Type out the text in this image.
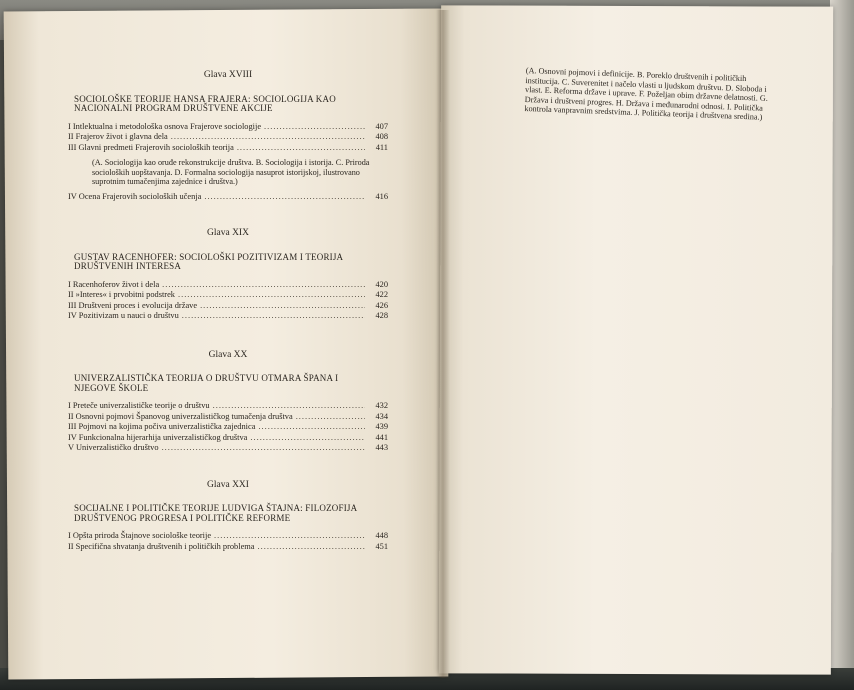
Glava XVIII
SOCIOLOŠKE TEORIJE HANSA FRAJERA: SOCIOLOGIJA KAO NACIONALNI PROGRAM DRUŠTVENE AKCIJE
I Intlektualna i metodološka osnova Frajerove sociologije .....	407
II Frajerov život i glavna dela .....	408
III Glavni predmeti Frajerovih socioloških teorija .....	411
(A. Sociologija kao oruđe rekonstrukcije društva. B. Sociologija i istorija. C. Priroda socioloških uopštavanja. D. Formalna sociologija nasuprot istorijskoj, ilustrovano suprotnim tumačenjima zajednice i društva.)
IV Ocena Frajerovih socioloških učenja .....	416
Glava XIX
GUSTAV RACENHOFER: SOCIOLOŠKI POZITIVIZAM I TEORIJA DRUŠTVENIH INTERESA
I Racenhoferov život i dela .....	420
II »Interes« i prvobitni podstrek .....	422
III Društveni proces i evolucija države .....	426
IV Pozitivizam u nauci o društvu .....	428
Glava XX
UNIVERZALISTIČKA TEORIJA O DRUŠTVU OTMARA ŠPANA I NJEGOVE ŠKOLE
I Preteče univerzalističke teorije o društvu .....	432
II Osnovni pojmovi Španovog univerzalističkog tumačenja društva .....	434
III Pojmovi na kojima počiva univerzalistička zajednica .....	439
IV Funkcionalna hijerarhija univerzalističkog društva .....	441
V Univerzalističko društvo .....	443
Glava XXI
SOCIJALNE I POLITIČKE TEORIJE LUDVIGA ŠTAJNA: FILOZOFIJA DRUŠTVENOG PROGRESA I POLITIČKE REFORME
I Opšta priroda Štajnove sociološke teorije .....	448
II Specifična shvatanja društvenih i političkih problema .....	451
(A. Osnovni pojmovi i definicije. B. Poreklo društvenih i političkih institucija. C. Suverenitet i načelo vlasti u ljudskom društvu. D. Sloboda i vlast. E. Reforma države i uprave. F. Poželjan obim državne delatnosti. G. Država i društveni progres. H. Država i međunarodni odnosi. I. Politička kontrola vanpravnim sredstvima. J. Politička teorija i društvena sredina.)
